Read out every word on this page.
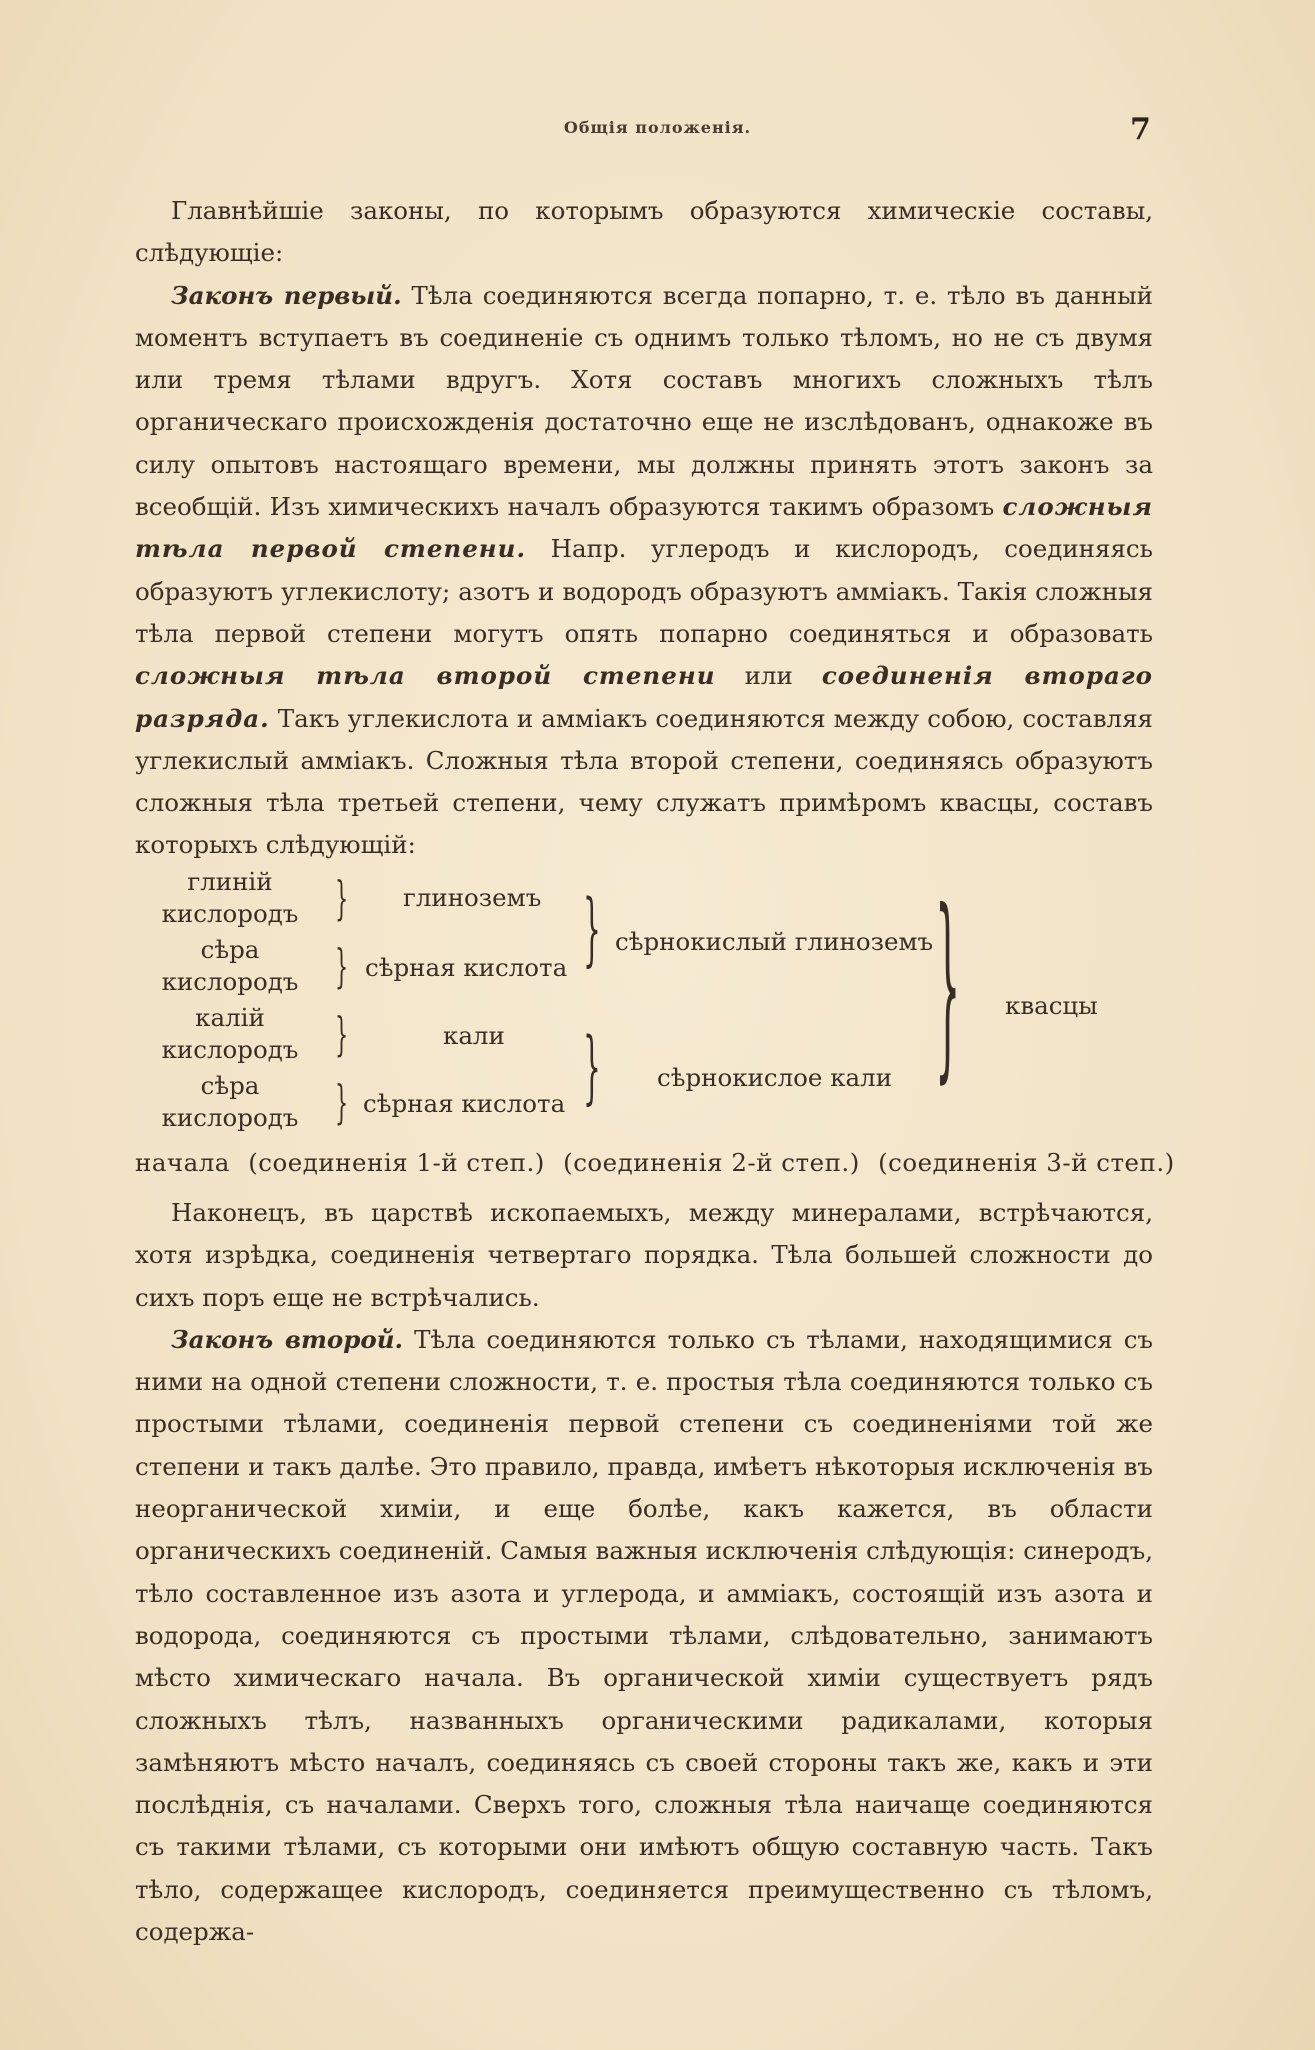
Общія положенія.	7

Главнѣйшіе законы, по которымъ образуются химическіе составы, слѣдующіе:

Законъ первый. Тѣла соединяются всегда попарно, т. е. тѣло въ данный моментъ вступаетъ въ соединеніе съ однимъ только тѣломъ, но не съ двумя или тремя тѣлами вдругъ. Хотя составъ многихъ сложныхъ тѣлъ органическаго происхожденія достаточно еще не изслѣдованъ, однакоже въ силу опытовъ настоящаго времени, мы должны принять этотъ законъ за всеобщій. Изъ химическихъ началъ образуются такимъ образомъ сложныя тѣла первой степени. Напр. углеродъ и кислородъ, соединяясь образуютъ углекислоту; азотъ и водородъ образуютъ амміакъ. Такія сложныя тѣла первой степени могутъ опять попарно соединяться и образовать сложныя тѣла второй степени или соединенія втораго разряда. Такъ углекислота и амміакъ соединяются между собою, составляя углекислый амміакъ. Сложныя тѣла второй степени, соединяясь образуютъ сложныя тѣла третьей степени, чему служатъ примѣромъ квасцы, составъ которыхъ слѣдующій:

глиній
кислородъ
сѣра
кислородъ
калій
кислородъ
сѣра
кислородъ
}
}
}
}
глиноземъ
сѣрная кислота
кали
сѣрная кислота
}
}
сѣрнокислый глиноземъ
сѣрнокислое кали } квасцы
начала (соединенія 1-й степ.) (соединенія 2-й степ.) (соединенія 3-й степ.)

Наконецъ, въ царствѣ ископаемыхъ, между минералами, встрѣчаются, хотя изрѣдка, соединенія четвертаго порядка. Тѣла большей сложности до сихъ поръ еще не встрѣчались.

Законъ второй. Тѣла соединяются только съ тѣлами, находящимися съ ними на одной степени сложности, т. е. простыя тѣла соединяются только съ простыми тѣлами, соединенія первой степени съ соединеніями той же степени и такъ далѣе. Это правило, правда, имѣетъ нѣкоторыя исключенія въ неорганической химіи, и еще болѣе, какъ кажется, въ области органическихъ соединеній. Самыя важныя исключенія слѣдующія: синеродъ, тѣло составленное изъ азота и углерода, и амміакъ, состоящій изъ азота и водорода, соединяются съ простыми тѣлами, слѣдовательно, занимаютъ мѣсто химическаго начала. Въ органической химіи существуетъ рядъ сложныхъ тѣлъ, названныхъ органическими радикалами, которыя замѣняютъ мѣсто началъ, соединяясь съ своей стороны такъ же, какъ и эти послѣднія, съ началами. Сверхъ того, сложныя тѣла наичаще соединяются съ такими тѣлами, съ которыми они имѣютъ общую составную часть. Такъ тѣло, содержащее кислородъ, соединяется преимущественно съ тѣломъ, содержа-
